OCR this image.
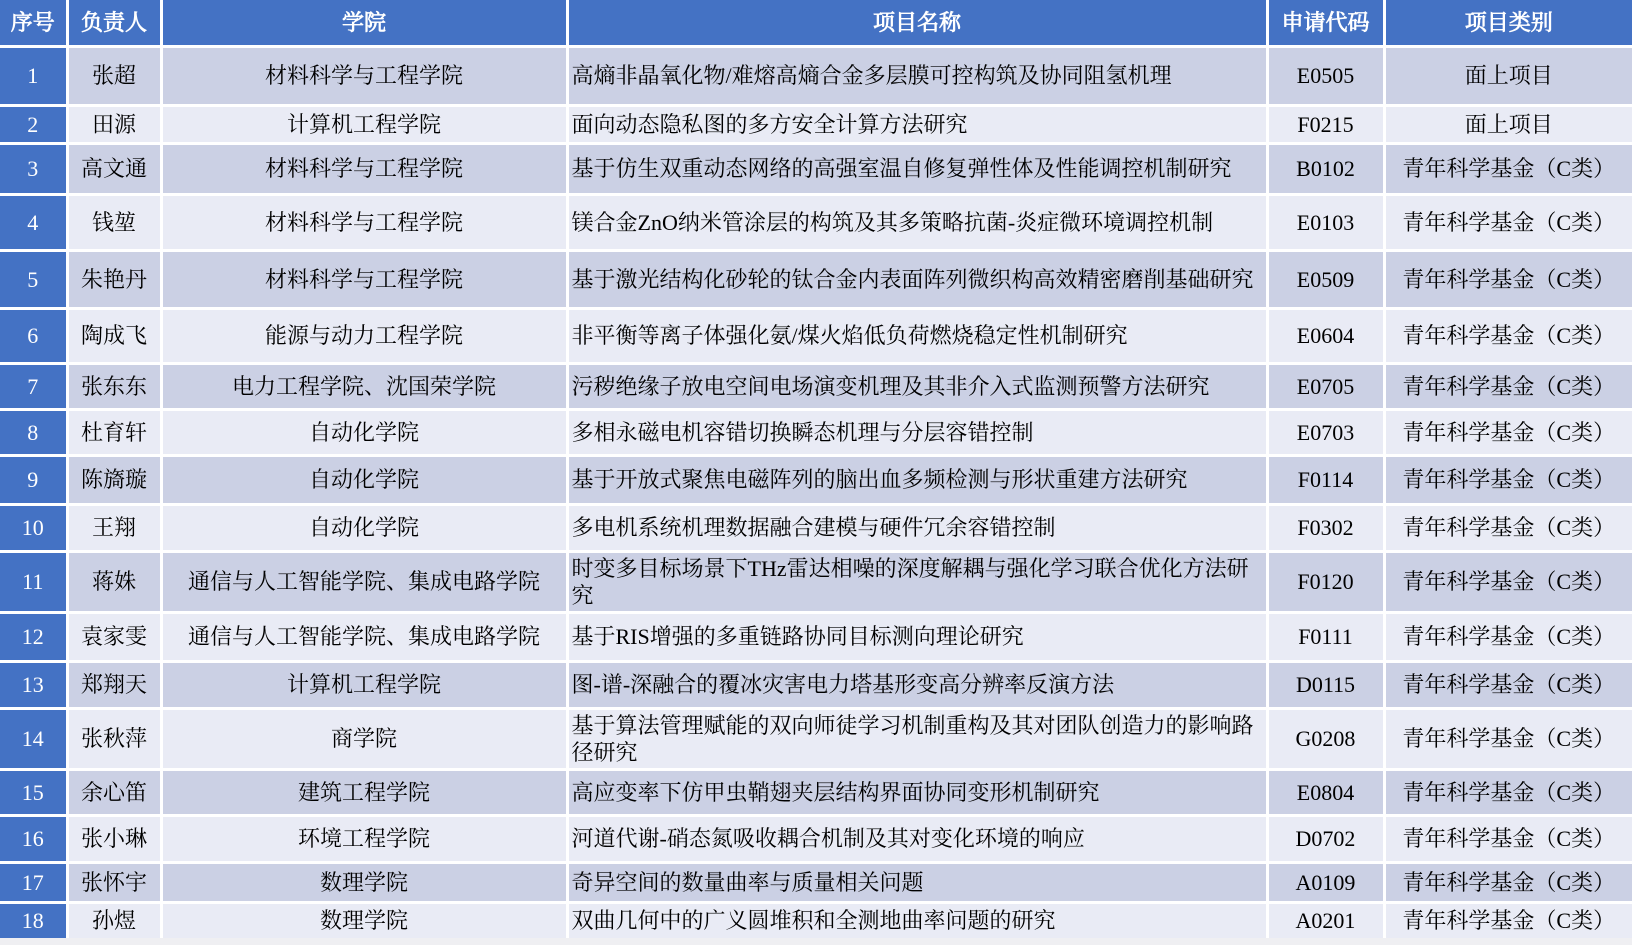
序号	负责人	学院	项目名称	申请代码	项目类别
1	张超	材料科学与工程学院	高熵非晶氧化物/难熔高熵合金多层膜可控构筑及协同阻氢机理	E0505	面上项目
2	田源	计算机工程学院	面向动态隐私图的多方安全计算方法研究	F0215	面上项目
3	高文通	材料科学与工程学院	基于仿生双重动态网络的高强室温自修复弹性体及性能调控机制研究	B0102	青年科学基金（C类）
4	钱堃	材料科学与工程学院	镁合金ZnO纳米管涂层的构筑及其多策略抗菌-炎症微环境调控机制	E0103	青年科学基金（C类）
5	朱艳丹	材料科学与工程学院	基于激光结构化砂轮的钛合金内表面阵列微织构高效精密磨削基础研究	E0509	青年科学基金（C类）
6	陶成飞	能源与动力工程学院	非平衡等离子体强化氨/煤火焰低负荷燃烧稳定性机制研究	E0604	青年科学基金（C类）
7	张东东	电力工程学院、沈国荣学院	污秽绝缘子放电空间电场演变机理及其非介入式监测预警方法研究	E0705	青年科学基金（C类）
8	杜育轩	自动化学院	多相永磁电机容错切换瞬态机理与分层容错控制	E0703	青年科学基金（C类）
9	陈旖璇	自动化学院	基于开放式聚焦电磁阵列的脑出血多频检测与形状重建方法研究	F0114	青年科学基金（C类）
10	王翔	自动化学院	多电机系统机理数据融合建模与硬件冗余容错控制	F0302	青年科学基金（C类）
11	蒋姝	通信与人工智能学院、集成电路学院	时变多目标场景下THz雷达相噪的深度解耦与强化学习联合优化方法研究	F0120	青年科学基金（C类）
12	袁家雯	通信与人工智能学院、集成电路学院	基于RIS增强的多重链路协同目标测向理论研究	F0111	青年科学基金（C类）
13	郑翔天	计算机工程学院	图-谱-深融合的覆冰灾害电力塔基形变高分辨率反演方法	D0115	青年科学基金（C类）
14	张秋萍	商学院	基于算法管理赋能的双向师徒学习机制重构及其对团队创造力的影响路径研究	G0208	青年科学基金（C类）
15	余心笛	建筑工程学院	高应变率下仿甲虫鞘翅夹层结构界面协同变形机制研究	E0804	青年科学基金（C类）
16	张小琳	环境工程学院	河道代谢-硝态氮吸收耦合机制及其对变化环境的响应	D0702	青年科学基金（C类）
17	张怀宇	数理学院	奇异空间的数量曲率与质量相关问题	A0109	青年科学基金（C类）
18	孙煜	数理学院	双曲几何中的广义圆堆积和全测地曲率问题的研究	A0201	青年科学基金（C类）
